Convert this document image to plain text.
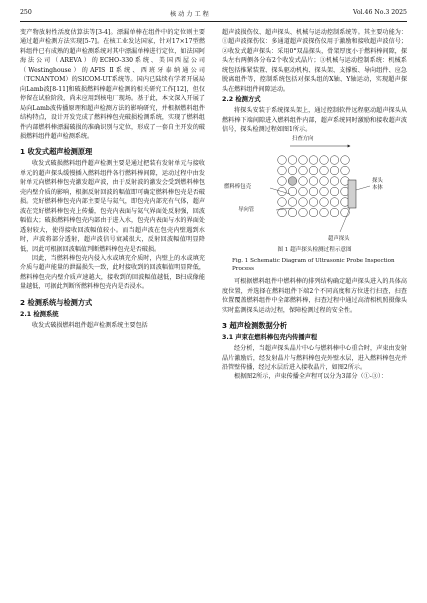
250	核 动 力 工 程	Vol.46 No.3 2025

变产物放射性活度估算法等[3-4]。漂漏单棒在组件中的定位则主要通过超声检测方法实现[5-7]。在核工业发达国家，针对17×17型燃料组件已有成熟的超声检测系统对其中漂漏单棒进行定位，如法国阿海法公司（AREVA）的ECHO-330系统、美国西屋公司（Westinghouse）的AFIS Ⅱ系统、西班牙泰纳通公司（TCNANTOM）的SICOM-UT系统等。国内已陆续有学者开展局向Lamb波[8-11]和破损燃料棒超声检测的相关研究工作[12]，但仅停留在试验阶段，尚未应用到核电厂现场。基于此，本文深入开展了局向Lamb波传播原理和超声检测方法的影响研究，并根据燃料组件结构特点，设计开发完成了燃料棒包壳破损检测系统，实现了燃料组件内部燃料棒漂漏破损的准确识别与定位，形成了一套自主开发的破损燃料组件超声检测系统。

1 收发式超声检测原理

收发式破损燃料组件超声检测主要是通过把装有发射单元与接收单元的超声探头缓慢插入燃料组件各行燃料棒间隙，运动过程中由发射单元向燃料棒包壳激发超声波，由于反射波的激发会受到燃料棒包壳内壁介质的影响，根据反射回波的幅值即可确定燃料棒包壳是否破损。完好燃料棒包壳内部主要是与氦气，即包壳内部充有气体，超声波在完好燃料棒包壳上传播，包壳内表面与氦气界面处反射强，回波幅值大；破损燃料棒包壳内部由于进入水，包壳内表面与水的界面处透射较大，使得接收回波幅值较小。而当超声波在包壳内壁遇到水时，声波将部分透射，超声波信号衰减很大，反射回波幅值明显降低，因此可根据回波幅值判断燃料棒包壳是否破损。

因此，当燃料棒包壳内侵入水或填充介质时，内壁上的水或填充介质与超声能量的泄漏损失一致，此时接收到的回波幅值明显降低，燃料棒包壳内壁介质声速越大，接收到的回波幅值越低，B扫成像能量越低，可据此判断所燃料棒包壳内是否浸水。

2 检测系统与检测方式
2.1 检测系统

收发式破损燃料组件超声检测系统主要包括

超声波损伤仪、超声探头、机械与运动控制系统等。其主要功能为：①超声波探伤仪：多通道超声波探伤仪用于激励和接收超声波信号；②收发式超声探头：采用0°双晶探头，骨架厚度小于燃料棒间隙，探头左右两侧各分布2个收发式晶片；③机械与运动控制系统：机械系统包括推紧装置、探头驱动机构、探头架、支撑板、导向组件、应急脱离组件等，控制系统包括对探头组的X轴、Y轴运动，实现超声探头在燃料组件间隙运动。

2.2 检测方式

将探头安装于系统探头架上，通过控制软件远程驱动超声探头从燃料棒下端间隙进入燃料组件内部，超声系统同时激励和接收超声波信号，探头检测过程如图1所示。

扫查方向
燃料棒包壳
导向管
探头
本体
超声探头
图 1 超声探头检测过程示意图
Fig. 1 Schematic Diagram of Ultrasonic Probe Inspection Process

可根据燃料组件中燃料棒的排列结构确定超声探头进入的具体高度位置，并选择在燃料组件下端2个不同高度和方位进行扫查，扫查位置覆盖燃料组件中全部燃料棒，扫查过程中通过高清相机照摄像头实时监测探头运动过程，保障检测过程的安全性。

3 超声检测数据分析
3.1 声束在燃料棒包壳内传播声程

经分析，当超声探头晶片中心与燃料棒中心重合时，声束由发射晶片激励后，经发射晶片与燃料棒包壳外壁水层，进入燃料棒包壳并沿管壁传播，经过水层后进入接收晶片，如图2所示。

根据图2所示，声束传播全声程可以分为3部分（①-③）：
